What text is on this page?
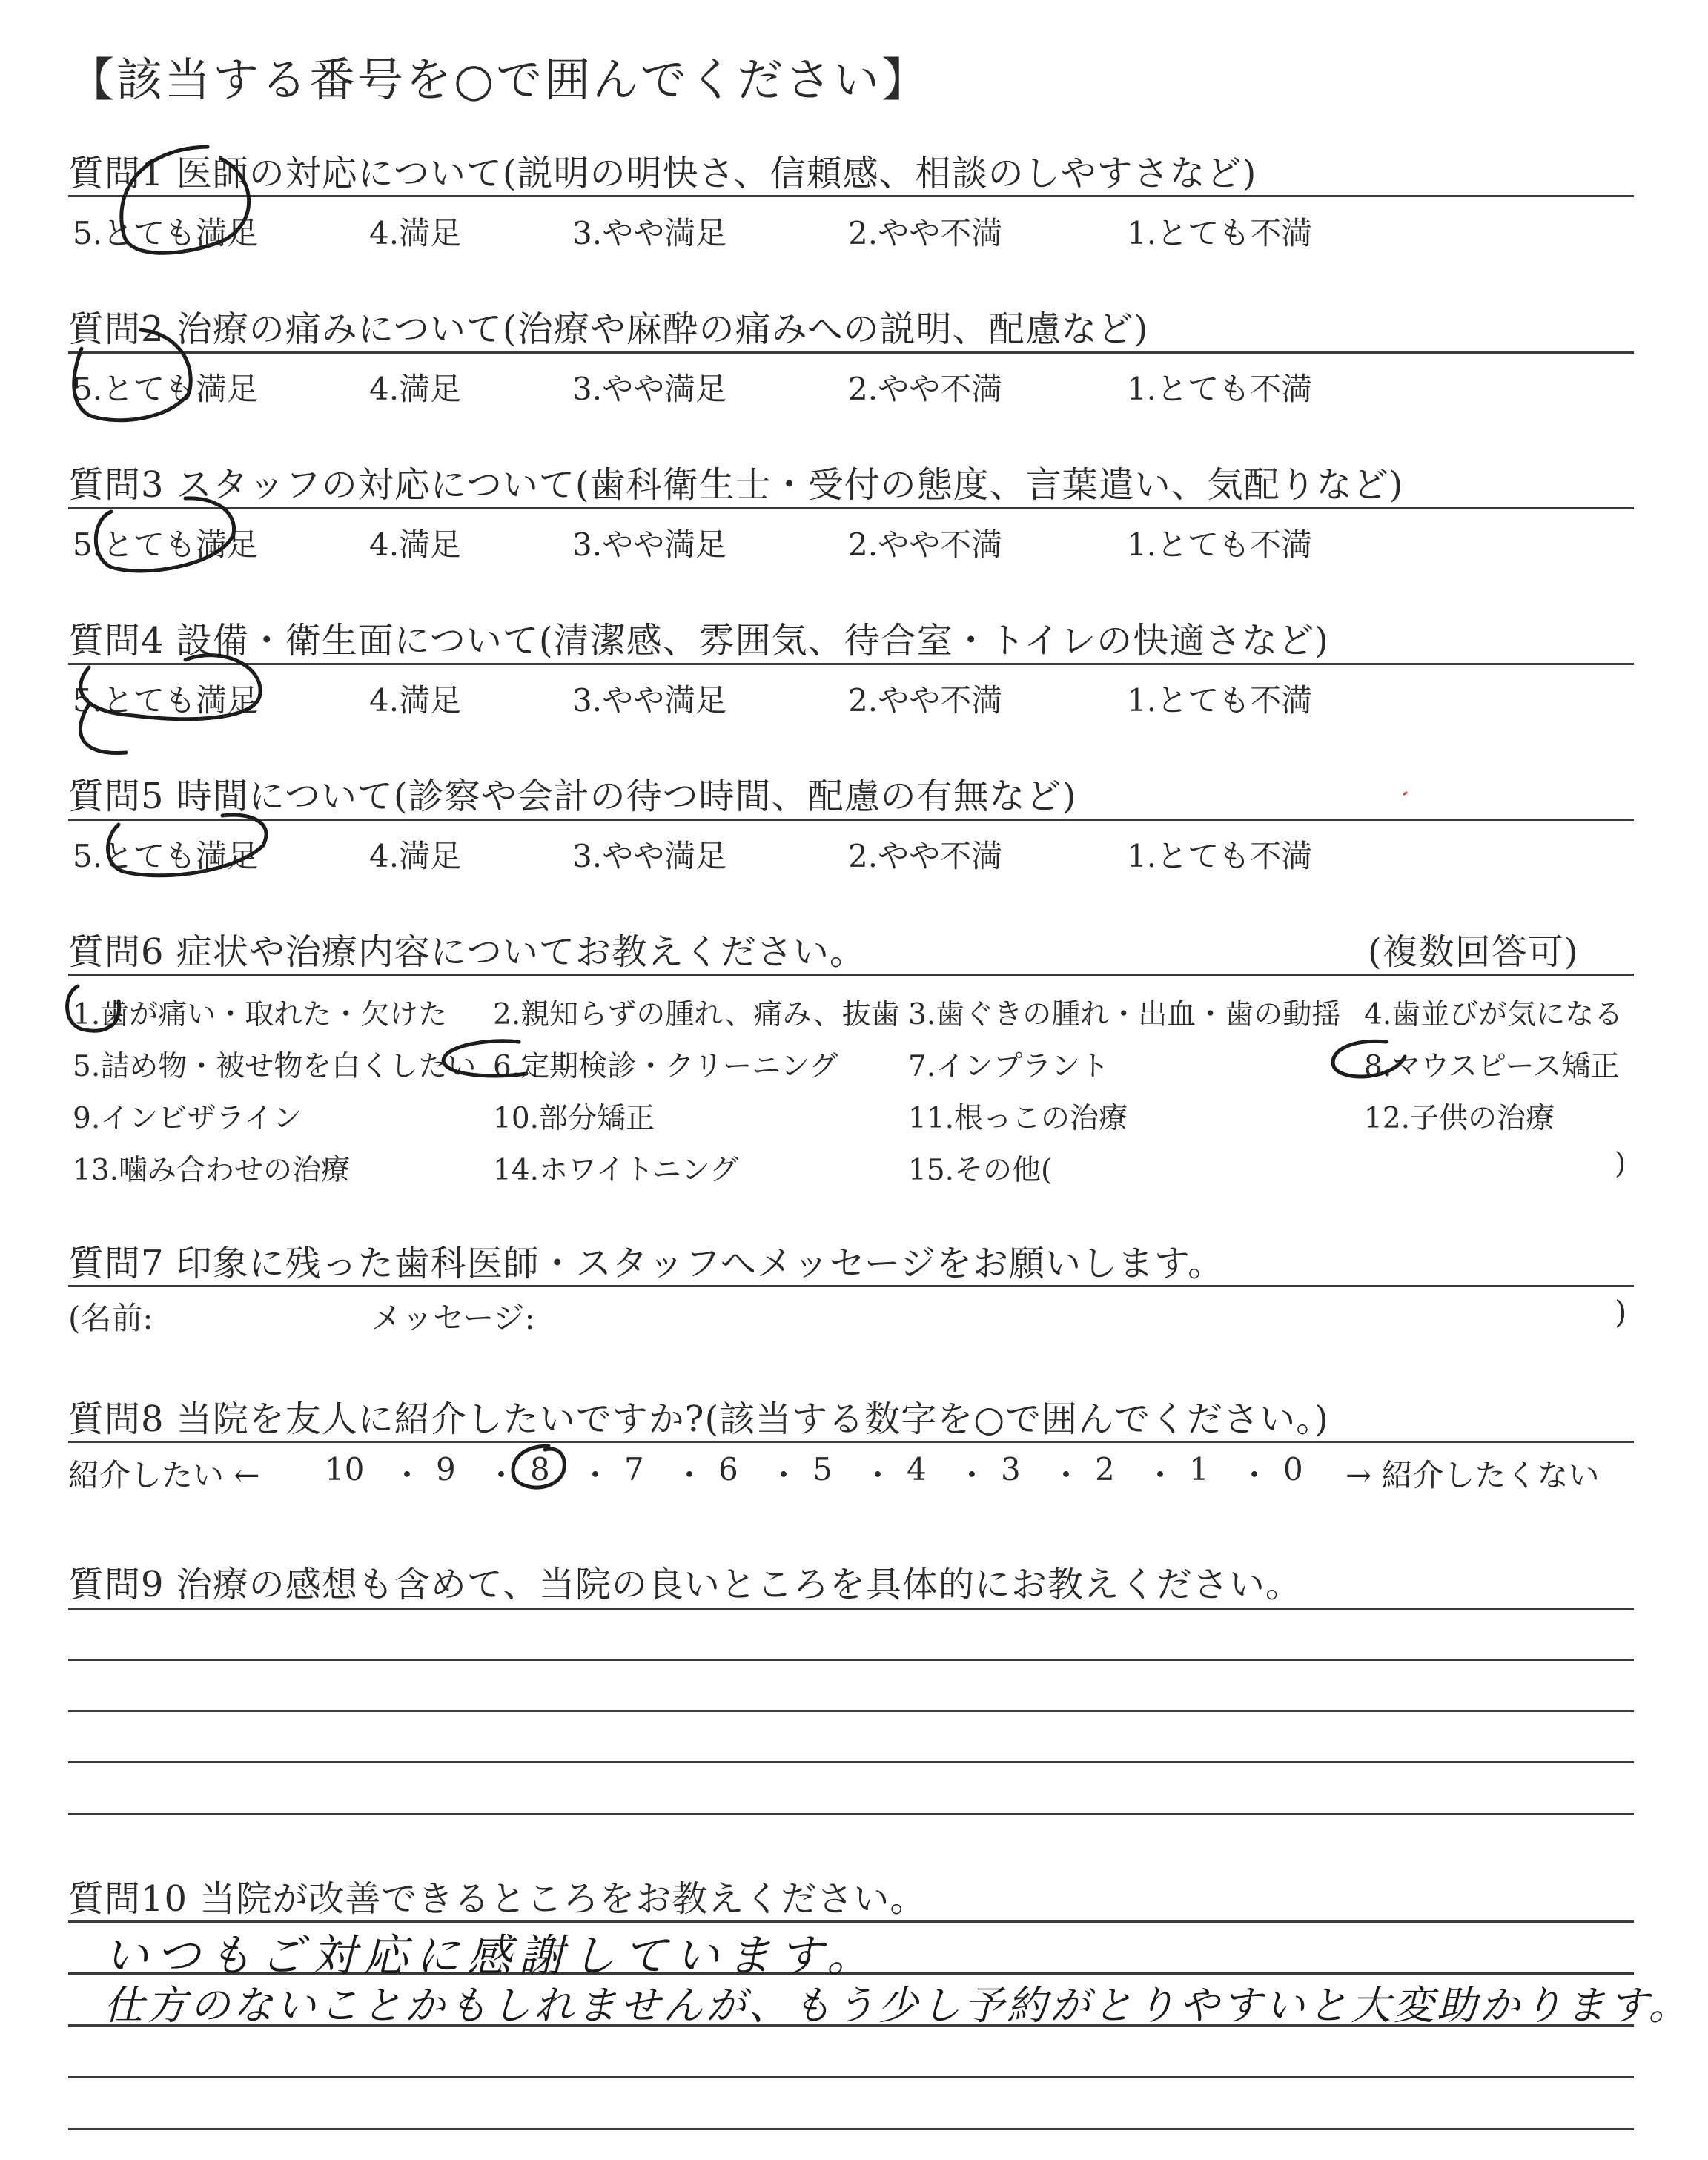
【該当する番号を○で囲んでください】
質問1 医師の対応について(説明の明快さ、信頼感、相談のしやすさなど)
5.とても満足	4.満足	3.やや満足	2.やや不満	1.とても不満
質問2 治療の痛みについて(治療や麻酔の痛みへの説明、配慮など)
5.とても満足	4.満足	3.やや満足	2.やや不満	1.とても不満
質問3 スタッフの対応について(歯科衛生士・受付の態度、言葉遣い、気配りなど)
5.とても満足	4.満足	3.やや満足	2.やや不満	1.とても不満
質問4 設備・衛生面について(清潔感、雰囲気、待合室・トイレの快適さなど)
5.とても満足	4.満足	3.やや満足	2.やや不満	1.とても不満
質問5 時間について(診察や会計の待つ時間、配慮の有無など)
5.とても満足	4.満足	3.やや満足	2.やや不満	1.とても不満
質問6 症状や治療内容についてお教えください。	(複数回答可)
1.歯が痛い・取れた・欠けた 2.親知らずの腫れ、痛み、抜歯 3.歯ぐきの腫れ・出血・歯の動揺 4.歯並びが気になる
5.詰め物・被せ物を白くしたい 6.定期検診・クリーニング 7.インプラント	8.マウスピース矯正
9.インビザライン	10.部分矯正	11.根っこの治療	12.子供の治療
13.噛み合わせの治療	14.ホワイトニング	15.その他(	)
質問7 印象に残った歯科医師・スタッフへメッセージをお願いします。
(名前:	メッセージ:	)
質問8 当院を友人に紹介したいですか?(該当する数字を○で囲んでください。)
紹介したい ← 10 ・ 9 ・ 8 ・ 7 ・ 6 ・ 5 ・ 4 ・ 3 ・ 2 ・ 1 ・ 0 → 紹介したくない
質問9 治療の感想も含めて、当院の良いところを具体的にお教えください。
質問10 当院が改善できるところをお教えください。
いつもご対応に感謝しています。
仕方のないことかもしれませんが、もう少し予約がとりやすいと大変助かります。
